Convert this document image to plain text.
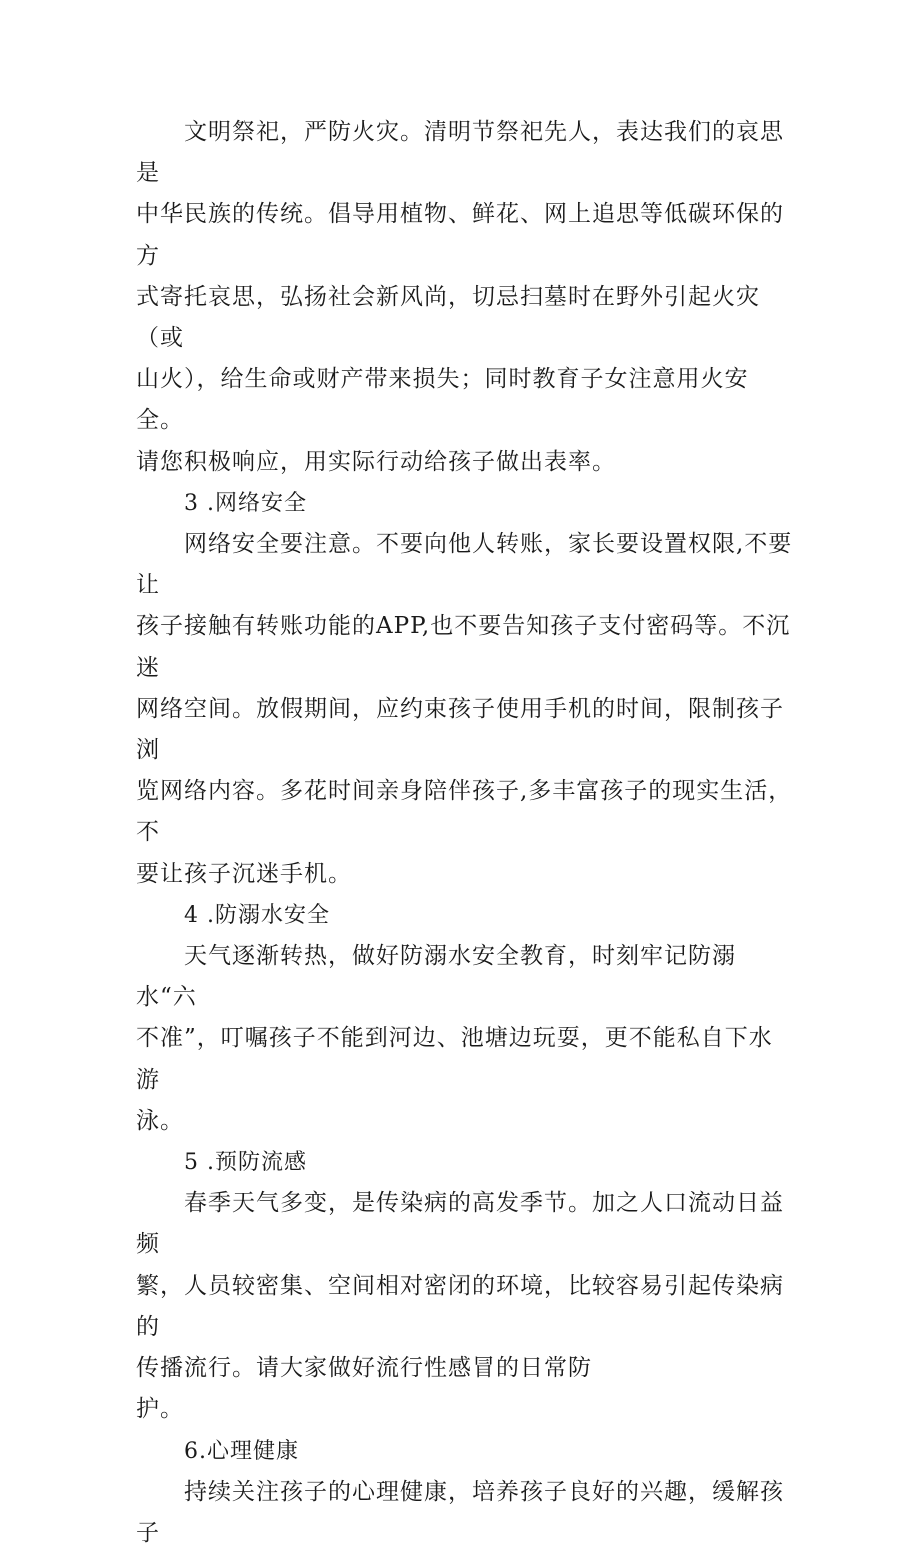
文明祭祀，严防火灾。清明节祭祀先人，表达我们的哀思是

中华民族的传统。倡导用植物、鲜花、网上追思等低碳环保的方

式寄托哀思，弘扬社会新风尚，切忌扫墓时在野外引起火灾（或

山火），给生命或财产带来损失；同时教育子女注意用火安全。

请您积极响应，用实际行动给孩子做出表率。

3 .网络安全

网络安全要注意。不要向他人转账，家长要设置权限,不要让

孩子接触有转账功能的APP,也不要告知孩子支付密码等。不沉迷

网络空间。放假期间，应约束孩子使用手机的时间，限制孩子浏

览网络内容。多花时间亲身陪伴孩子,多丰富孩子的现实生活，不

要让孩子沉迷手机。

4 .防溺水安全

天气逐渐转热，做好防溺水安全教育，时刻牢记防溺水“六

不准”，叮嘱孩子不能到河边、池塘边玩耍，更不能私自下水游

泳。

5 .预防流感

春季天气多变，是传染病的高发季节。加之人口流动日益频

繁，人员较密集、空间相对密闭的环境，比较容易引起传染病的

传播流行。请大家做好流行性感冒的日常防

护。

6.心理健康

持续关注孩子的心理健康，培养孩子良好的兴趣，缓解孩子
